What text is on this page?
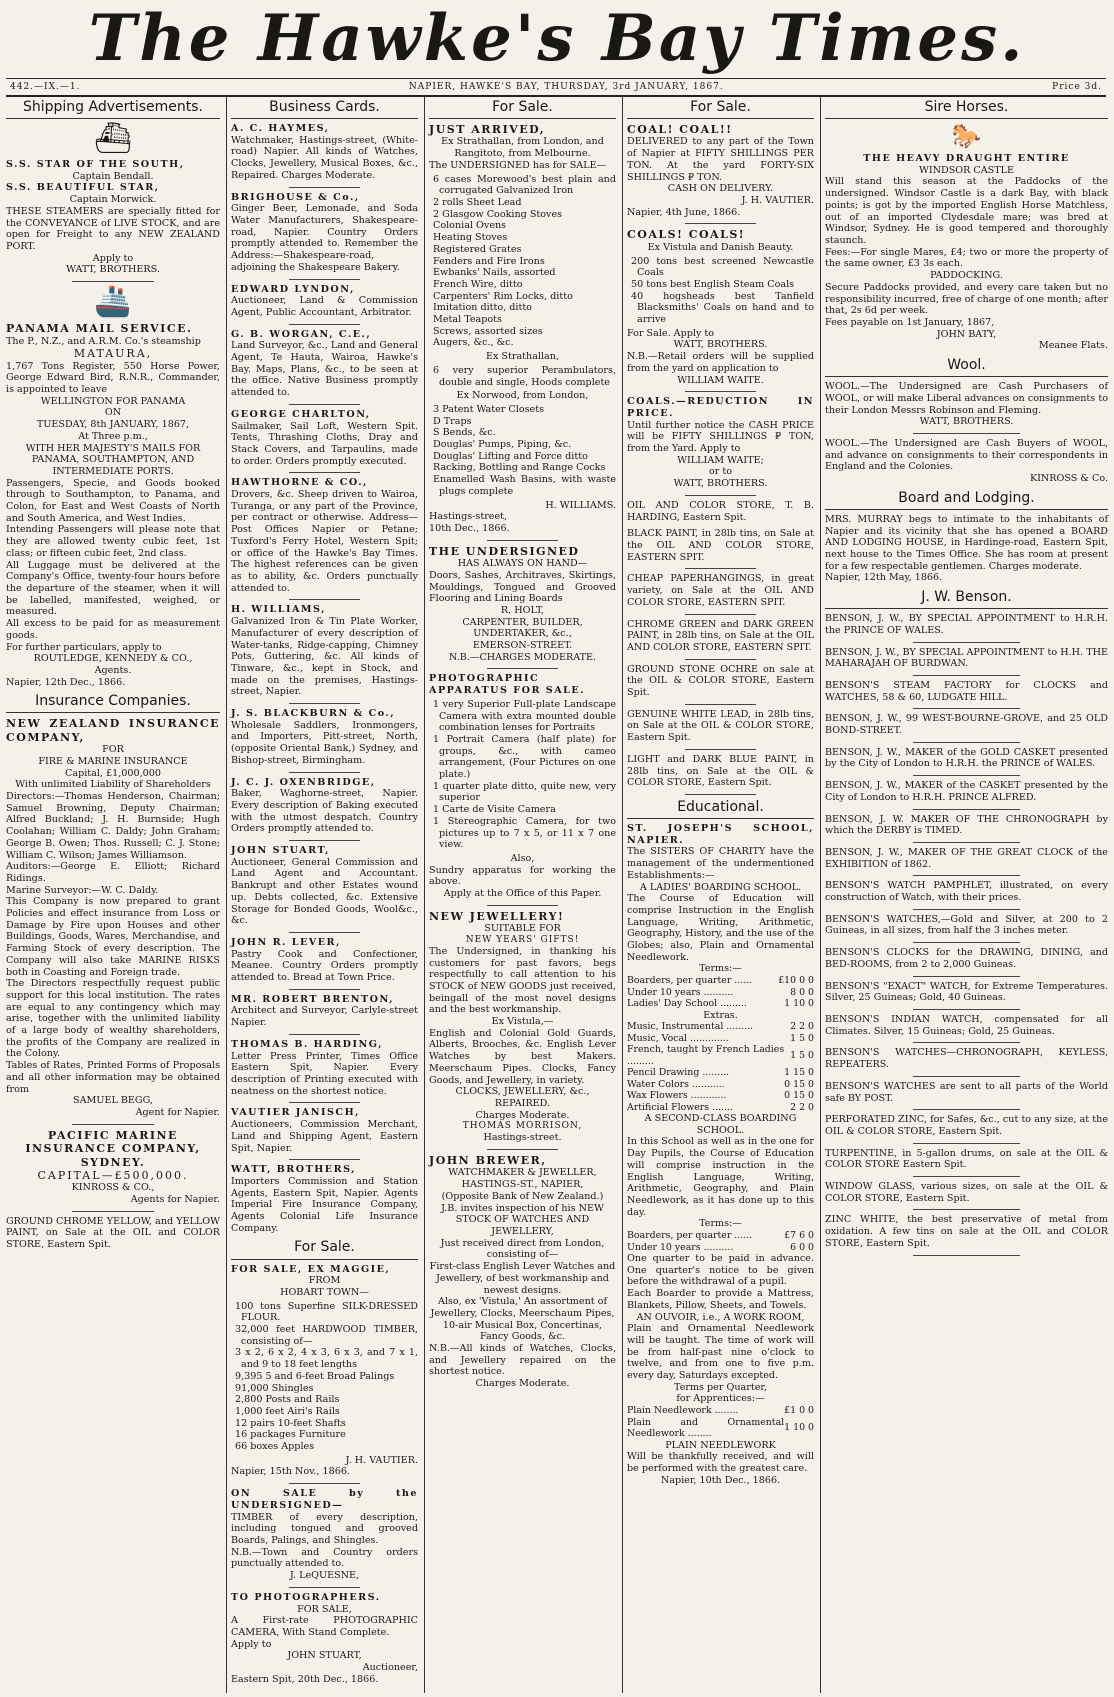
The Hawke's Bay Times.
442.—IX.—1.	NAPIER, HAWKE'S BAY, THURSDAY, 3rd JANUARY, 1867.	Price 3d.
Shipping Advertisements.
⛴
S.S. STAR OF THE SOUTH,
Captain Bendall.
S.S. BEAUTIFUL STAR,
Captain Morwick.
THESE STEAMERS are specially fitted for the CONVEYANCE of LIVE STOCK, and are open for Freight to any NEW ZEALAND PORT.
Apply to
WATT, BROTHERS.
🚢
PANAMA MAIL SERVICE.
The P., N.Z., and A.R.M. Co.'s steamship
MATAURA,
1,767 Tons Register, 550 Horse Power, George Edward Bird, R.N.R., Commander, is appointed to leave
WELLINGTON FOR PANAMA
ON
TUESDAY, 8th JANUARY, 1867,
At Three p.m.,
WITH HER MAJESTY'S MAILS FOR PANAMA, SOUTHAMPTON, AND INTERMEDIATE PORTS.
Passengers, Specie, and Goods booked through to Southampton, to Panama, and Colon, for East and West Coasts of North and South America, and West Indies.
Intending Passengers will please note that they are allowed twenty cubic feet, 1st class; or fifteen cubic feet, 2nd class.
All Luggage must be delivered at the Company's Office, twenty-four hours before the departure of the steamer, when it will be labelled, manifested, weighed, or measured.
All excess to be paid for as measurement goods.
For further particulars, apply to
ROUTLEDGE, KENNEDY & CO.,
Agents.
Napier, 12th Dec., 1866.
Insurance Companies.
NEW ZEALAND INSURANCE COMPANY,
FOR
FIRE & MARINE INSURANCE
Capital, £1,000,000
With unlimited Liability of Shareholders
Directors:—Thomas Henderson, Chairman; Samuel Browning, Deputy Chairman; Alfred Buckland; J. H. Burnside; Hugh Coolahan; William C. Daldy; John Graham; George B. Owen; Thos. Russell; C. J. Stone; William C. Wilson; James Williamson.
Auditors:—George E. Elliott; Richard Ridings.
Marine Surveyor:—W. C. Daldy.
This Company is now prepared to grant Policies and effect insurance from Loss or Damage by Fire upon Houses and other Buildings, Goods, Wares, Merchandise, and Farming Stock of every description. The Company will also take MARINE RISKS both in Coasting and Foreign trade.
The Directors respectfully request public support for this local institution. The rates are equal to any contingency which may arise, together with the unlimited liability of a large body of wealthy shareholders, the profits of the Company are realized in the Colony.
Tables of Rates, Printed Forms of Proposals and all other information may be obtained from
SAMUEL BEGG,
Agent for Napier.
PACIFIC MARINE INSURANCE COMPANY, SYDNEY.
CAPITAL—£500,000.
KINROSS & CO.,
Agents for Napier.
GROUND CHROME YELLOW, and YELLOW PAINT, on Sale at the OIL and COLOR STORE, Eastern Spit.
Business Cards.
A. C. HAYMES,
Watchmaker, Hastings-street, (White-road) Napier. All kinds of Watches, Clocks, Jewellery, Musical Boxes, &c., Repaired. Charges Moderate.
BRIGHOUSE & Co.,
Ginger Beer, Lemonade, and Soda Water Manufacturers, Shakespeare-road, Napier. Country Orders promptly attended to. Remember the Address:—Shakespeare-road, adjoining the Shakespeare Bakery.
EDWARD LYNDON,
Auctioneer, Land & Commission Agent, Public Accountant, Arbitrator.
G. B. WORGAN, C.E.,
Land Surveyor, &c., Land and General Agent, Te Hauta, Wairoa, Hawke's Bay. Maps, Plans, &c., to be seen at the office. Native Business promptly attended to.
GEORGE CHARLTON,
Sailmaker, Sail Loft, Western Spit. Tents, Thrashing Cloths, Dray and Stack Covers, and Tarpaulins, made to order. Orders promptly executed.
HAWTHORNE & CO.,
Drovers, &c. Sheep driven to Wairoa, Turanga, or any part of the Province, per contract or otherwise. Address—Post Offices Napier or Petane; Tuxford's Ferry Hotel, Western Spit; or office of the Hawke's Bay Times. The highest references can be given as to ability, &c. Orders punctually attended to.
H. WILLIAMS,
Galvanized Iron & Tin Plate Worker, Manufacturer of every description of Water-tanks, Ridge-capping, Chimney Pots, Guttering, &c. All kinds of Tinware, &c., kept in Stock, and made on the premises, Hastings-street, Napier.
J. S. BLACKBURN & Co.,
Wholesale Saddlers, Ironmongers, and Importers, Pitt-street, North, (opposite Oriental Bank,) Sydney, and Bishop-street, Birmingham.
J. C. J. OXENBRIDGE,
Baker, Waghorne-street, Napier. Every description of Baking executed with the utmost despatch. Country Orders promptly attended to.
JOHN STUART,
Auctioneer, General Commission and Land Agent and Accountant. Bankrupt and other Estates wound up. Debts collected, &c. Extensive Storage for Bonded Goods, Wool&c., &c.
JOHN R. LEVER,
Pastry Cook and Confectioner, Meanee. Country Orders promptly attended to. Bread at Town Price.
MR. ROBERT BRENTON,
Architect and Surveyor, Carlyle-street Napier.
THOMAS B. HARDING,
Letter Press Printer, Times Office Eastern Spit, Napier. Every description of Printing executed with neatness on the shortest notice.
VAUTIER JANISCH,
Auctioneers, Commission Merchant, Land and Shipping Agent, Eastern Spit, Napier.
WATT, BROTHERS,
Importers Commission and Station Agents, Eastern Spit, Napier. Agents Imperial Fire Insurance Company, Agents Colonial Life Insurance Company.
For Sale.
FOR SALE, EX MAGGIE,
FROM
HOBART TOWN—
100 tons Superfine SILK-DRESSED FLOUR.
32,000 feet HARDWOOD TIMBER, consisting of—
3 x 2, 6 x 2, 4 x 3, 6 x 3, and 7 x 1, and 9 to 18 feet lengths
9,395 5 and 6-feet Broad Palings
91,000 Shingles
2,800 Posts and Rails
1,000 feet Airi's Rails
12 pairs 10-feet Shafts
16 packages Furniture
66 boxes Apples
J. H. VAUTIER.
Napier, 15th Nov., 1866.
ON SALE by the UNDERSIGNED—
TIMBER of every description, including tongued and grooved Boards, Palings, and Shingles.
N.B.—Town and Country orders punctually attended to.
J. LeQUESNE,
TO PHOTOGRAPHERS.
FOR SALE,
A First-rate PHOTOGRAPHIC CAMERA, With Stand Complete.
Apply to
JOHN STUART,
Auctioneer,
Eastern Spit, 20th Dec., 1866.
For Sale.
JUST ARRIVED,
Ex Strathallan, from London, and Rangitoto, from Melbourne.
The UNDERSIGNED has for SALE—
6 cases Morewood's best plain and corrugated Galvanized Iron
2 rolls Sheet Lead
2 Glasgow Cooking Stoves
Colonial Ovens
Heating Stoves
Registered Grates
Fenders and Fire Irons
Ewbanks' Nails, assorted
French Wire, ditto
Carpenters' Rim Locks, ditto
Imitation ditto, ditto
Metal Teapots
Screws, assorted sizes
Augers, &c., &c.
Ex Strathallan,
6 very superior Perambulators, double and single, Hoods complete
Ex Norwood, from London,
3 Patent Water Closets
D Traps
S Bends, &c.
Douglas' Pumps, Piping, &c.
Douglas' Lifting and Force ditto
Racking, Bottling and Range Cocks
Enamelled Wash Basins, with waste plugs complete
H. WILLIAMS.
Hastings-street,
10th Dec., 1866.
THE UNDERSIGNED
HAS ALWAYS ON HAND—
Doors, Sashes, Architraves, Skirtings, Mouldings, Tongued and Grooved Flooring and Lining Boards
R. HOLT,
CARPENTER, BUILDER, UNDERTAKER, &c.,
EMERSON-STREET.
N.B.—CHARGES MODERATE.
PHOTOGRAPHIC APPARATUS FOR SALE.
1 very Superior Full-plate Landscape Camera with extra mounted double combination lenses for Portraits
1 Portrait Camera (half plate) for groups, &c., with cameo arrangement, (Four Pictures on one plate.)
1 quarter plate ditto, quite new, very superior
1 Carte de Visite Camera
1 Stereographic Camera, for two pictures up to 7 x 5, or 11 x 7 one view.
Also,
Sundry apparatus for working the above.
Apply at the Office of this Paper.
NEW JEWELLERY!
SUITABLE FOR
NEW YEARS' GIFTS!
The Undersigned, in thanking his customers for past favors, begs respectfully to call attention to his STOCK of NEW GOODS just received, beingall of the most novel designs and the best workmanship.
Ex Vistula,—
English and Colonial Gold Guards, Alberts, Brooches, &c. English Lever Watches by best Makers. Meerschaum Pipes. Clocks, Fancy Goods, and Jewellery, in variety.
CLOCKS, JEWELLERY, &c., REPAIRED.
Charges Moderate.
THOMAS MORRISON,
Hastings-street.
JOHN BREWER,
WATCHMAKER & JEWELLER,
HASTINGS-ST., NAPIER,
(Opposite Bank of New Zealand.)
J.B. invites inspection of his NEW STOCK OF WATCHES AND JEWELLERY,
Just received direct from London, consisting of—
First-class English Lever Watches and Jewellery, of best workmanship and newest designs.
Also, ex 'Vistula,' An assortment of Jewellery, Clocks, Meerschaum Pipes, 10-air Musical Box, Concertinas, Fancy Goods, &c.
N.B.—All kinds of Watches, Clocks, and Jewellery repaired on the shortest notice.
Charges Moderate.
For Sale.
COAL! COAL!!
DELIVERED to any part of the Town of Napier at FIFTY SHILLINGS PER TON. At the yard FORTY-SIX SHILLINGS ₽ TON.
CASH ON DELIVERY.
J. H. VAUTIER.
Napier, 4th June, 1866.
COALS! COALS!
Ex Vistula and Danish Beauty.
200 tons best screened Newcastle Coals
50 tons best English Steam Coals
40 hogsheads best Tanfield Blacksmiths' Coals on hand and to arrive
For Sale. Apply to
WATT, BROTHERS.
N.B.—Retail orders will be supplied from the yard on application to
WILLIAM WAITE.
COALS.—REDUCTION IN PRICE.
Until further notice the CASH PRICE will be FIFTY SHILLINGS ₽ TON, from the Yard. Apply to
WILLIAM WAITE;
or to
WATT, BROTHERS.
OIL AND COLOR STORE, T. B. HARDING, Eastern Spit.
BLACK PAINT, in 28lb tins, on Sale at the OIL AND COLOR STORE, EASTERN SPIT.
CHEAP PAPERHANGINGS, in great variety, on Sale at the OIL AND COLOR STORE, EASTERN SPIT.
CHROME GREEN and DARK GREEN PAINT, in 28lb tins, on Sale at the OIL AND COLOR STORE, EASTERN SPIT.
GROUND STONE OCHRE on sale at the OIL & COLOR STORE, Eastern Spit.
GENUINE WHITE LEAD, in 28lb tins, on Sale at the OIL & COLOR STORE, Eastern Spit.
LIGHT and DARK BLUE PAINT, in 28lb tins, on Sale at the OIL & COLOR STORE, Eastern Spit.
Educational.
ST. JOSEPH'S SCHOOL, NAPIER.
The SISTERS OF CHARITY have the management of the undermentioned Establishments:—
A LADIES' BOARDING SCHOOL.
The Course of Education will comprise Instruction in the English Language, Writing, Arithmetic, Geography, History, and the use of the Globes; also, Plain and Ornamental Needlework.
Terms:—
Boarders, per quarter ......	£10 0 0
Under 10 years ..........	8 0 0
Ladies' Day School .........	1 10 0
Extras.
Music, Instrumental .........	2 2 0
Music, Vocal .............	1 5 0
French, taught by French Ladies .........	1 5 0
Pencil Drawing .........	1 15 0
Water Colors ...........	0 15 0
Wax Flowers ............	0 15 0
Artificial Flowers .......	2 2 0
A SECOND-CLASS BOARDING SCHOOL.
In this School as well as in the one for Day Pupils, the Course of Education will comprise instruction in the English Language, Writing, Arithmetic, Geography, and Plain Needlework, as it has done up to this day.
Terms:—
Boarders, per quarter ......	£7 6 0
Under 10 years ..........	6 0 0
One quarter to be paid in advance. One quarter's notice to be given before the withdrawal of a pupil.
Each Boarder to provide a Mattress, Blankets, Pillow, Sheets, and Towels.
AN OUVOIR, i.e., A WORK ROOM,
Plain and Ornamental Needlework will be taught. The time of work will be from half-past nine o'clock to twelve, and from one to five p.m. every day, Saturdays excepted.
Terms per Quarter,
for Apprentices:—
Plain Needlework ........	£1 0 0
Plain and Ornamental Needlework ........	1 10 0
PLAIN NEEDLEWORK
Will be thankfully received, and will be performed with the greatest care.
Napier, 10th Dec., 1866.
Sire Horses.
🐎
THE HEAVY DRAUGHT ENTIRE
WINDSOR CASTLE
Will stand this season at the Paddocks of the undersigned. Windsor Castle is a dark Bay, with black points; is got by the imported English Horse Matchless, out of an imported Clydesdale mare; was bred at Windsor, Sydney. He is good tempered and thoroughly staunch.
Fees:—For single Mares, £4; two or more the property of the same owner, £3 3s each.
PADDOCKING.
Secure Paddocks provided, and every care taken but no responsibility incurred, free of charge of one month; after that, 2s 6d per week.
Fees payable on 1st January, 1867,
JOHN BATY,
Meanee Flats.
Wool.
WOOL.—The Undersigned are Cash Purchasers of WOOL, or will make Liberal advances on consignments to their London Messrs Robinson and Fleming.
WATT, BROTHERS.
WOOL.—The Undersigned are Cash Buyers of WOOL, and advance on consignments to their correspondents in England and the Colonies.
KINROSS & Co.
Board and Lodging.
MRS. MURRAY begs to intimate to the inhabitants of Napier and its vicinity that she has opened a BOARD AND LODGING HOUSE, in Hardinge-road, Eastern Spit, next house to the Times Office. She has room at present for a few respectable gentlemen. Charges moderate.
Napier, 12th May, 1866.
J. W. Benson.
BENSON, J. W., BY SPECIAL APPOINTMENT to H.R.H. the PRINCE OF WALES.
BENSON, J. W., BY SPECIAL APPOINTMENT to H.H. THE MAHARAJAH OF BURDWAN.
BENSON'S STEAM FACTORY for CLOCKS and WATCHES, 58 & 60, LUDGATE HILL.
BENSON, J. W., 99 WEST-BOURNE-GROVE, and 25 OLD BOND-STREET.
BENSON, J. W., MAKER of the GOLD CASKET presented by the City of London to H.R.H. the PRINCE of WALES.
BENSON, J. W., MAKER of the CASKET presented by the City of London to H.R.H. PRINCE ALFRED.
BENSON, J. W. MAKER OF THE CHRONOGRAPH by which the DERBY is TIMED.
BENSON, J. W., MAKER OF THE GREAT CLOCK of the EXHIBITION of 1862.
BENSON'S WATCH PAMPHLET, illustrated, on every construction of Watch, with their prices.
BENSON'S WATCHES,—Gold and Silver, at 200 to 2 Guineas, in all sizes, from half the 3 inches meter.
BENSON'S CLOCKS for the DRAWING, DINING, and BED-ROOMS, from 2 to 2,000 Guineas.
BENSON'S "EXACT" WATCH, for Extreme Temperatures. Silver, 25 Guineas; Gold, 40 Guineas.
BENSON'S INDIAN WATCH, compensated for all Climates. Silver, 15 Guineas; Gold, 25 Guineas.
BENSON'S WATCHES—CHRONOGRAPH, KEYLESS, REPEATERS.
BENSON'S WATCHES are sent to all parts of the World safe BY POST.
PERFORATED ZINC, for Safes, &c., cut to any size, at the OIL & COLOR STORE, Eastern Spit.
TURPENTINE, in 5-gallon drums, on sale at the OIL & COLOR STORE Eastern Spit.
WINDOW GLASS, various sizes, on sale at the OIL & COLOR STORE, Eastern Spit.
ZINC WHITE, the best preservative of metal from oxidation. A few tins on sale at the OIL and COLOR STORE, Eastern Spit.
